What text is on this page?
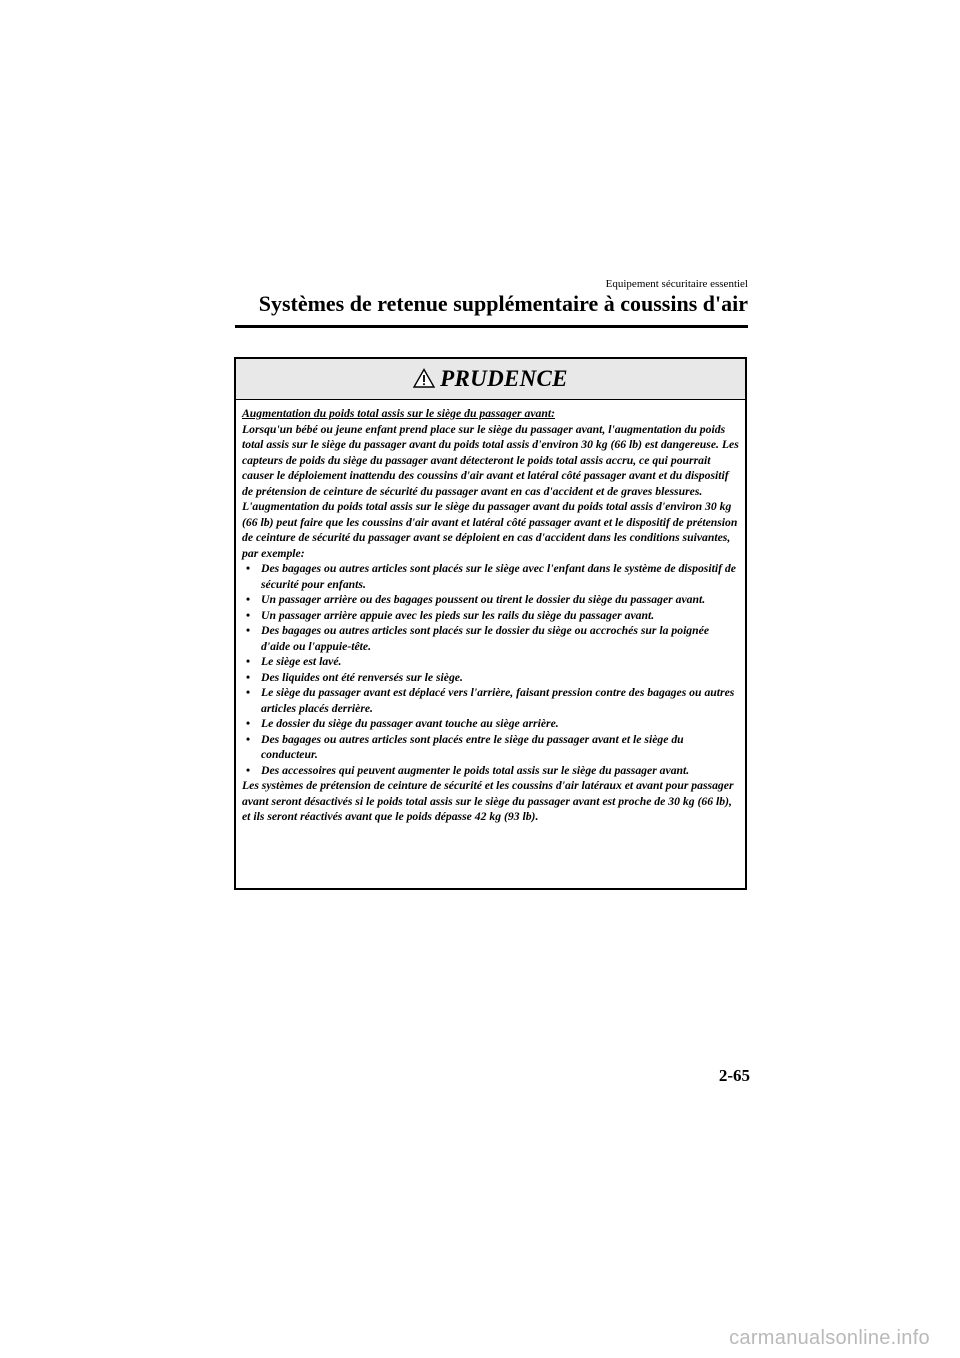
Equipement sécuritaire essentiel
Systèmes de retenue supplémentaire à coussins d'air
PRUDENCE

Augmentation du poids total assis sur le siège du passager avant:

Lorsqu'un bébé ou jeune enfant prend place sur le siège du passager avant, l'augmentation du poids total assis sur le siège du passager avant du poids total assis d'environ 30 kg (66 lb) est dangereuse. Les capteurs de poids du siège du passager avant détecteront le poids total assis accru, ce qui pourrait causer le déploiement inattendu des coussins d'air avant et latéral côté passager avant et du dispositif de prétension de ceinture de sécurité du passager avant en cas d'accident et de graves blessures. L'augmentation du poids total assis sur le siège du passager avant du poids total assis d'environ 30 kg (66 lb) peut faire que les coussins d'air avant et latéral côté passager avant et le dispositif de prétension de ceinture de sécurité du passager avant se déploient en cas d'accident dans les conditions suivantes, par exemple:

• Des bagages ou autres articles sont placés sur le siège avec l'enfant dans le système de dispositif de sécurité pour enfants.
• Un passager arrière ou des bagages poussent ou tirent le dossier du siège du passager avant.
• Un passager arrière appuie avec les pieds sur les rails du siège du passager avant.
• Des bagages ou autres articles sont placés sur le dossier du siège ou accrochés sur la poignée d'aide ou l'appuie-tête.
• Le siège est lavé.
• Des liquides ont été renversés sur le siège.
• Le siège du passager avant est déplacé vers l'arrière, faisant pression contre des bagages ou autres articles placés derrière.
• Le dossier du siège du passager avant touche au siège arrière.
• Des bagages ou autres articles sont placés entre le siège du passager avant et le siège du conducteur.
• Des accessoires qui peuvent augmenter le poids total assis sur le siège du passager avant.

Les systèmes de prétension de ceinture de sécurité et les coussins d'air latéraux et avant pour passager avant seront désactivés si le poids total assis sur le siège du passager avant est proche de 30 kg (66 lb), et ils seront réactivés avant que le poids dépasse 42 kg (93 lb).

2-65
carmanualsonline.info
